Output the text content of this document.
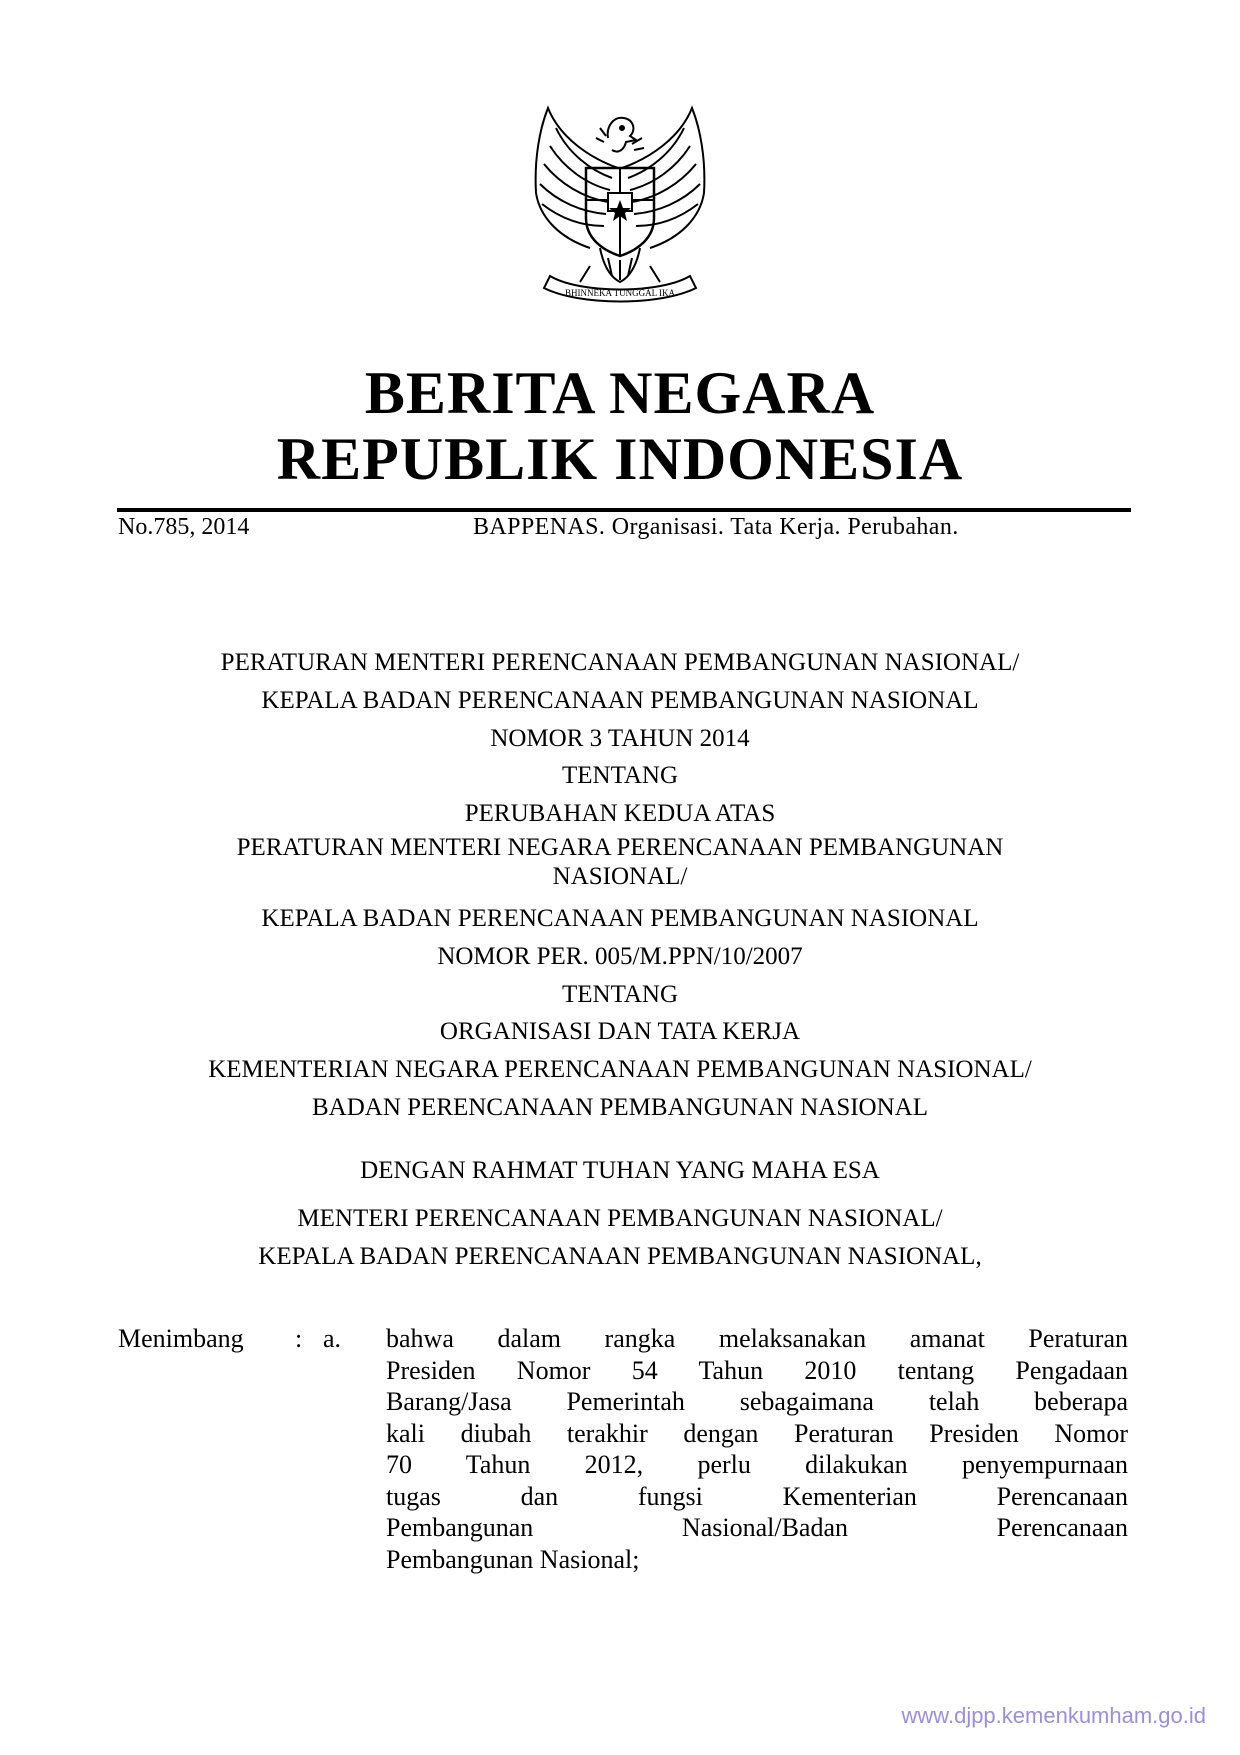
BHINNEKA TUNGGAL IKA
BERITA NEGARA
REPUBLIK INDONESIA
No.785, 2014	BAPPENAS. Organisasi. Tata Kerja. Perubahan.
PERATURAN MENTERI PERENCANAAN PEMBANGUNAN NASIONAL/
KEPALA BADAN PERENCANAAN PEMBANGUNAN NASIONAL
NOMOR 3 TAHUN 2014
TENTANG
PERUBAHAN KEDUA ATAS
PERATURAN MENTERI NEGARA PERENCANAAN PEMBANGUNAN
NASIONAL/
KEPALA BADAN PERENCANAAN PEMBANGUNAN NASIONAL
NOMOR PER. 005/M.PPN/10/2007
TENTANG
ORGANISASI DAN TATA KERJA
KEMENTERIAN NEGARA PERENCANAAN PEMBANGUNAN NASIONAL/
BADAN PERENCANAAN PEMBANGUNAN NASIONAL
DENGAN RAHMAT TUHAN YANG MAHA ESA
MENTERI PERENCANAAN PEMBANGUNAN NASIONAL/
KEPALA BADAN PERENCANAAN PEMBANGUNAN NASIONAL,
Menimbang : a. bahwa dalam rangka melaksanakan amanat Peraturan
Presiden Nomor 54 Tahun 2010 tentang Pengadaan
Barang/Jasa Pemerintah sebagaimana telah beberapa
kali diubah terakhir dengan Peraturan Presiden Nomor
70 Tahun 2012, perlu dilakukan penyempurnaan
tugas dan fungsi Kementerian Perencanaan
Pembangunan Nasional/Badan Perencanaan
Pembangunan Nasional;
www.djpp.kemenkumham.go.id
